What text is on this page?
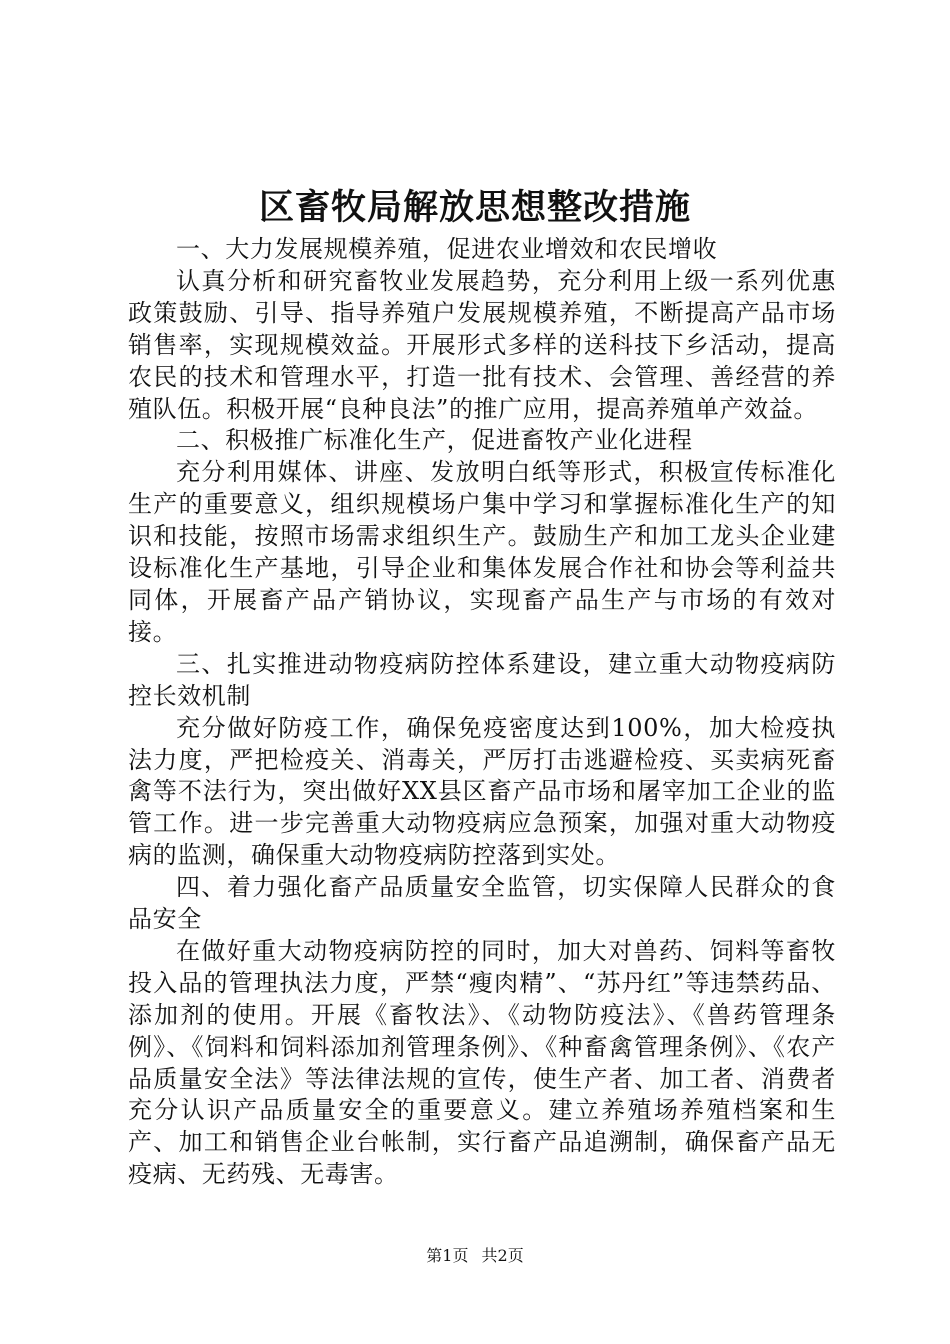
区畜牧局解放思想整改措施

一、大力发展规模养殖，促进农业增效和农民增收

认真分析和研究畜牧业发展趋势，充分利用上级一系列优惠政策鼓励、引导、指导养殖户发展规模养殖，不断提高产品市场销售率，实现规模效益。开展形式多样的送科技下乡活动，提高农民的技术和管理水平，打造一批有技术、会管理、善经营的养殖队伍。积极开展“良种良法”的推广应用，提高养殖单产效益。

二、积极推广标准化生产，促进畜牧产业化进程

充分利用媒体、讲座、发放明白纸等形式，积极宣传标准化生产的重要意义，组织规模场户集中学习和掌握标准化生产的知识和技能，按照市场需求组织生产。鼓励生产和加工龙头企业建设标准化生产基地，引导企业和集体发展合作社和协会等利益共同体，开展畜产品产销协议，实现畜产品生产与市场的有效对接。

三、扎实推进动物疫病防控体系建设，建立重大动物疫病防控长效机制

充分做好防疫工作，确保免疫密度达到100%，加大检疫执法力度，严把检疫关、消毒关，严厉打击逃避检疫、买卖病死畜禽等不法行为，突出做好XX县区畜产品市场和屠宰加工企业的监管工作。进一步完善重大动物疫病应急预案，加强对重大动物疫病的监测，确保重大动物疫病防控落到实处。

四、着力强化畜产品质量安全监管，切实保障人民群众的食品安全

在做好重大动物疫病防控的同时，加大对兽药、饲料等畜牧投入品的管理执法力度，严禁“瘦肉精”、“苏丹红”等违禁药品、添加剂的使用。开展《畜牧法》、《动物防疫法》、《兽药管理条例》、《饲料和饲料添加剂管理条例》、《种畜禽管理条例》、《农产品质量安全法》等法律法规的宣传，使生产者、加工者、消费者充分认识产品质量安全的重要意义。建立养殖场养殖档案和生产、加工和销售企业台帐制，实行畜产品追溯制，确保畜产品无疫病、无药残、无毒害。

第1页 共2页
